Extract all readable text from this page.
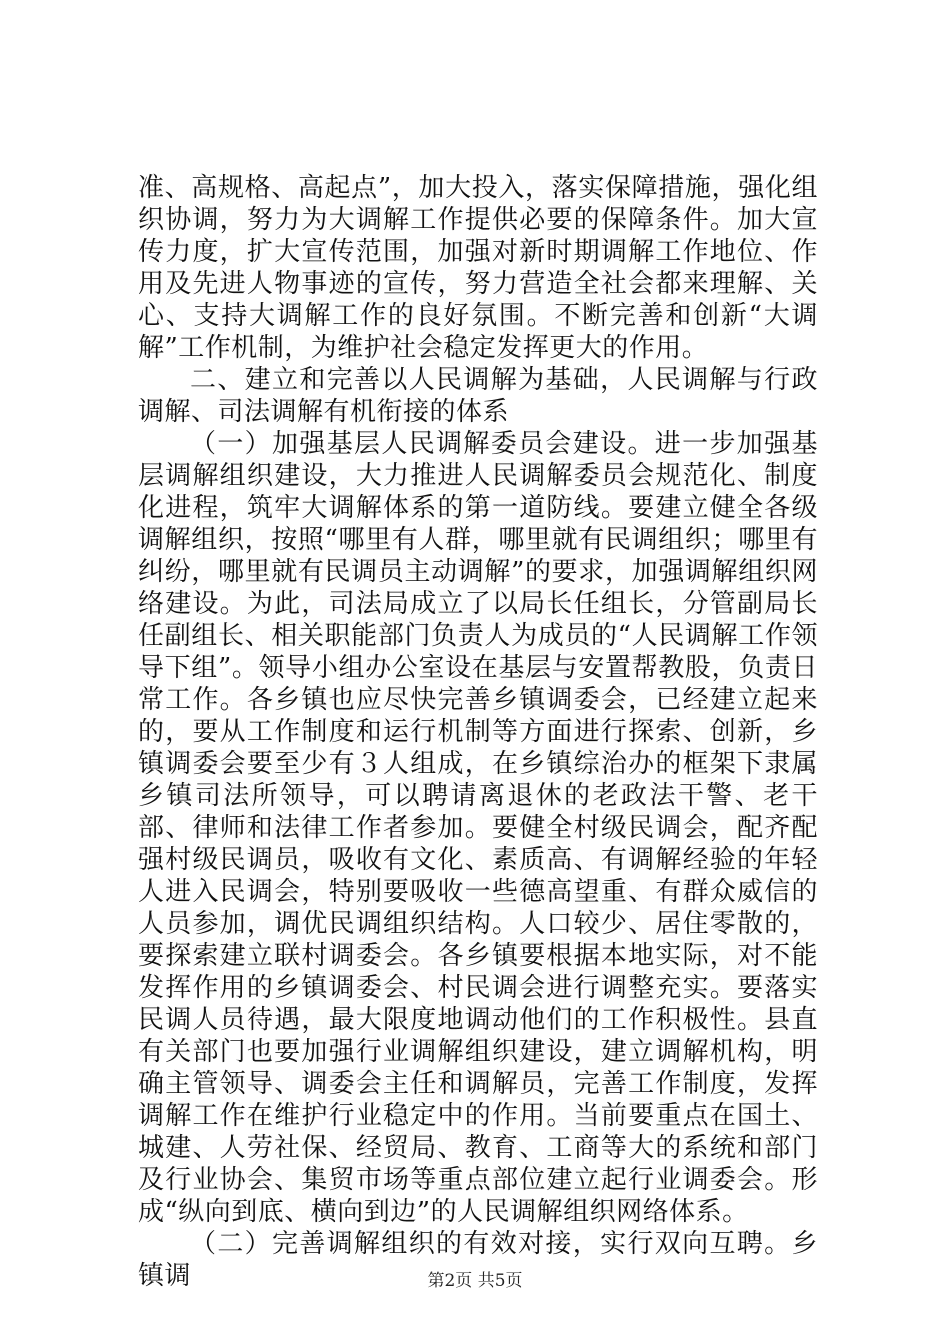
准、高规格、高起点”，加大投入，落实保障措施，强化组织协调，努力为大调解工作提供必要的保障条件。加大宣传力度，扩大宣传范围，加强对新时期调解工作地位、作用及先进人物事迹的宣传，努力营造全社会都来理解、关心、支持大调解工作的良好氛围。不断完善和创新“大调解”工作机制，为维护社会稳定发挥更大的作用。

二、建立和完善以人民调解为基础，人民调解与行政调解、司法调解有机衔接的体系

（一）加强基层人民调解委员会建设。进一步加强基层调解组织建设，大力推进人民调解委员会规范化、制度化进程，筑牢大调解体系的第一道防线。要建立健全各级调解组织，按照“哪里有人群，哪里就有民调组织；哪里有纠纷，哪里就有民调员主动调解”的要求，加强调解组织网络建设。为此，司法局成立了以局长任组长，分管副局长任副组长、相关职能部门负责人为成员的“人民调解工作领导下组”。领导小组办公室设在基层与安置帮教股，负责日常工作。各乡镇也应尽快完善乡镇调委会，已经建立起来的，要从工作制度和运行机制等方面进行探索、创新，乡镇调委会要至少有３人组成，在乡镇综治办的框架下隶属乡镇司法所领导，可以聘请离退休的老政法干警、老干部、律师和法律工作者参加。要健全村级民调会，配齐配强村级民调员，吸收有文化、素质高、有调解经验的年轻人进入民调会，特别要吸收一些德高望重、有群众威信的人员参加，调优民调组织结构。人口较少、居住零散的，要探索建立联村调委会。各乡镇要根据本地实际，对不能发挥作用的乡镇调委会、村民调会进行调整充实。要落实民调人员待遇，最大限度地调动他们的工作积极性。县直有关部门也要加强行业调解组织建设，建立调解机构，明确主管领导、调委会主任和调解员，完善工作制度，发挥调解工作在维护行业稳定中的作用。当前要重点在国土、城建、人劳社保、经贸局、教育、工商等大的系统和部门及行业协会、集贸市场等重点部位建立起行业调委会。形成“纵向到底、横向到边”的人民调解组织网络体系。

（二）完善调解组织的有效对接，实行双向互聘。乡镇调	第2页 共5页
